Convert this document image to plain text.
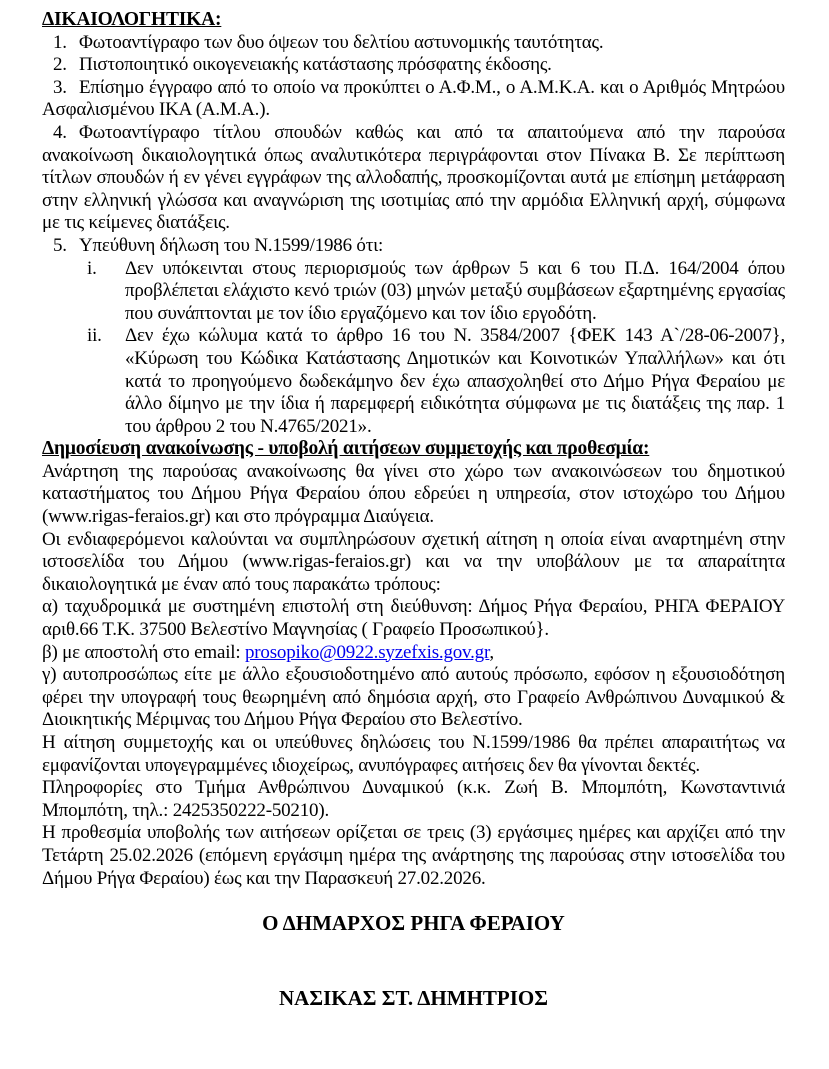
ΔΙΚΑΙΟΛΟΓΗΤΙΚΑ:

1. Φωτοαντίγραφο των δυο όψεων του δελτίου αστυνομικής ταυτότητας.

2. Πιστοποιητικό οικογενειακής κατάστασης πρόσφατης έκδοσης.

3. Επίσημο έγγραφο από το οποίο να προκύπτει ο Α.Φ.Μ., ο Α.Μ.Κ.Α. και ο Αριθμός Μητρώου Ασφαλισμένου ΙΚΑ (Α.Μ.Α.).

4. Φωτοαντίγραφο τίτλου σπουδών καθώς και από τα απαιτούμενα από την παρούσα ανακοίνωση δικαιολογητικά όπως αναλυτικότερα περιγράφονται στον Πίνακα Β. Σε περίπτωση τίτλων σπουδών ή εν γένει εγγράφων της αλλοδαπής, προσκομίζονται αυτά με επίσημη μετάφραση στην ελληνική γλώσσα και αναγνώριση της ισοτιμίας από την αρμόδια Ελληνική αρχή, σύμφωνα με τις κείμενες διατάξεις.

5. Υπεύθυνη δήλωση του Ν.1599/1986 ότι:

i.	Δεν υπόκεινται στους περιορισμούς των άρθρων 5 και 6 του Π.Δ. 164/2004 όπου προβλέπεται ελάχιστο κενό τριών (03) μηνών μεταξύ συμβάσεων εξαρτημένης εργασίας που συνάπτονται με τον ίδιο εργαζόμενο και τον ίδιο εργοδότη.
ii.	Δεν έχω κώλυμα κατά το άρθρο 16 του Ν. 3584/2007 {ΦΕΚ 143 Α`/28-06-2007}, «Κύρωση του Κώδικα Κατάστασης Δημοτικών και Κοινοτικών Υπαλλήλων» και ότι κατά το προηγούμενο δωδεκάμηνο δεν έχω απασχοληθεί στο Δήμο Ρήγα Φεραίου με άλλο δίμηνο με την ίδια ή παρεμφερή ειδικότητα σύμφωνα με τις διατάξεις της παρ. 1 του άρθρου 2 του Ν.4765/2021».
Δημοσίευση ανακοίνωσης - υποβολή αιτήσεων συμμετοχής και προθεσμία:

Ανάρτηση της παρούσας ανακοίνωσης θα γίνει στο χώρο των ανακοινώσεων του δημοτικού καταστήματος του Δήμου Ρήγα Φεραίου όπου εδρεύει η υπηρεσία, στον ιστοχώρο του Δήμου (www.rigas-feraios.gr) και στο πρόγραμμα Διαύγεια.

Οι ενδιαφερόμενοι καλούνται να συμπληρώσουν σχετική αίτηση η οποία είναι αναρτημένη στην ιστοσελίδα του Δήμου (www.rigas-feraios.gr) και να την υποβάλουν με τα απαραίτητα δικαιολογητικά με έναν από τους παρακάτω τρόπους:

α) ταχυδρομικά με συστημένη επιστολή στη διεύθυνση: Δήμος Ρήγα Φεραίου, ΡΗΓΑ ΦΕΡΑΙΟΥ αριθ.66 Τ.Κ. 37500 Βελεστίνο Μαγνησίας ( Γραφείο Προσωπικού}.

β) με αποστολή στο email: prosopiko@0922.syzefxis.gov.gr,

γ) αυτοπροσώπως είτε με άλλο εξουσιοδοτημένο από αυτούς πρόσωπο, εφόσον η εξουσιοδότηση φέρει την υπογραφή τους θεωρημένη από δημόσια αρχή, στο Γραφείο Ανθρώπινου Δυναμικού & Διοικητικής Μέριμνας του Δήμου Ρήγα Φεραίου στο Βελεστίνο.

Η αίτηση συμμετοχής και οι υπεύθυνες δηλώσεις του Ν.1599/1986 θα πρέπει απαραιτήτως να εμφανίζονται υπογεγραμμένες ιδιοχείρως, ανυπόγραφες αιτήσεις δεν θα γίνονται δεκτές.

Πληροφορίες στο Τμήμα Ανθρώπινου Δυναμικού (κ.κ. Ζωή Β. Μπομπότη, Κωνσταντινιά Μπομπότη, τηλ.: 2425350222-50210).

Η προθεσμία υποβολής των αιτήσεων ορίζεται σε τρεις (3) εργάσιμες ημέρες και αρχίζει από την Τετάρτη 25.02.2026 (επόμενη εργάσιμη ημέρα της ανάρτησης της παρούσας στην ιστοσελίδα του Δήμου Ρήγα Φεραίου) έως και την Παρασκευή 27.02.2026.

Ο ΔΗΜΑΡΧΟΣ ΡΗΓΑ ΦΕΡΑΙΟΥ

ΝΑΣΙΚΑΣ ΣΤ. ΔΗΜΗΤΡΙΟΣ
